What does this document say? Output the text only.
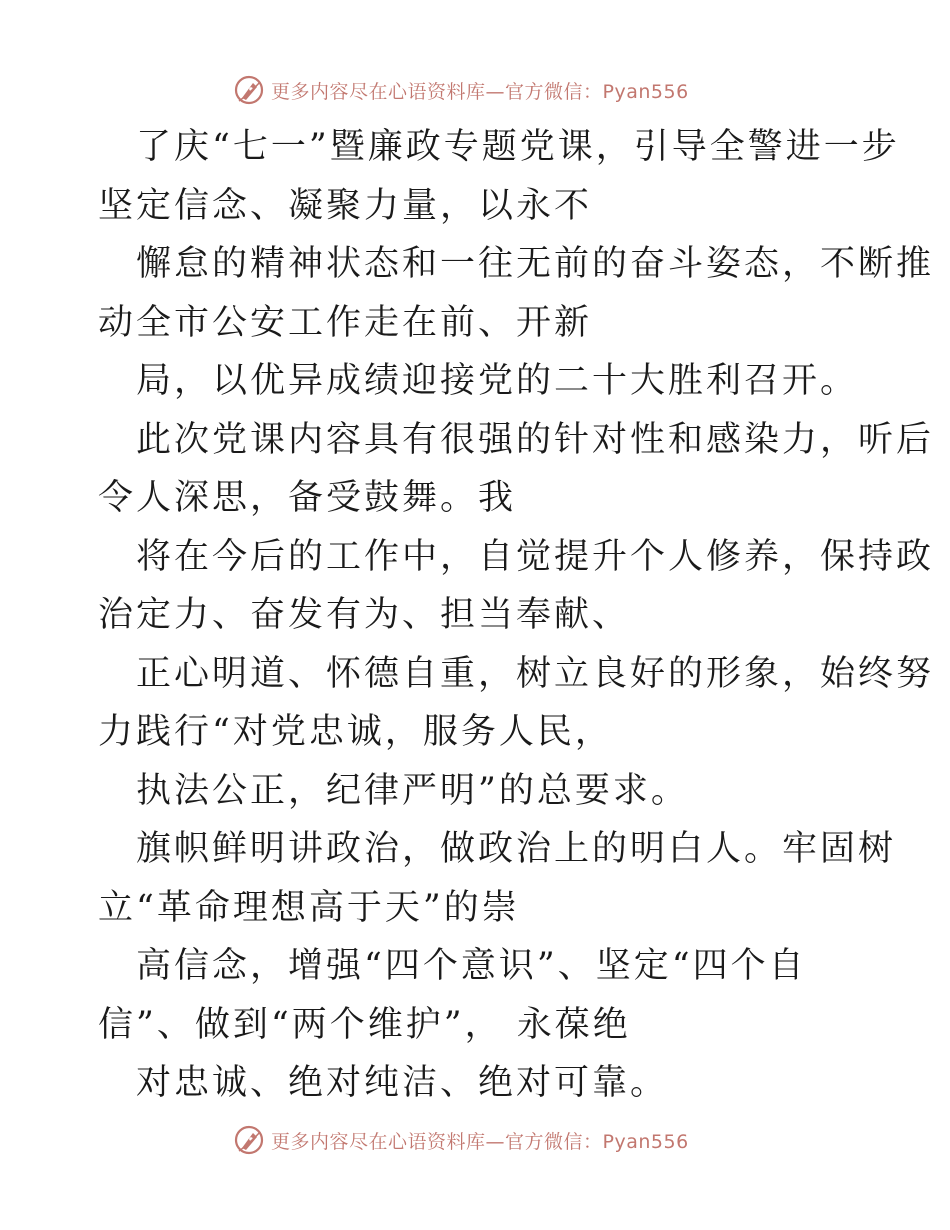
更多内容尽在心语资料库—官方微信：Pyan556

了庆“七一”暨廉政专题党课，引导全警进一步

坚定信念、凝聚力量，以永不

懈怠的精神状态和一往无前的奋斗姿态，不断推

动全市公安工作走在前、开新

局，以优异成绩迎接党的二十大胜利召开。

此次党课内容具有很强的针对性和感染力，听后

令人深思，备受鼓舞。我

将在今后的工作中，自觉提升个人修养，保持政

治定力、奋发有为、担当奉献、

正心明道、怀德自重，树立良好的形象，始终努

力践行“对党忠诚，服务人民，

执法公正，纪律严明”的总要求。

旗帜鲜明讲政治，做政治上的明白人。牢固树

立“革命理想高于天”的崇

高信念，增强“四个意识”、坚定“四个自

信”、做到“两个维护”， 永葆绝

对忠诚、绝对纯洁、绝对可靠。

更多内容尽在心语资料库—官方微信：Pyan556
